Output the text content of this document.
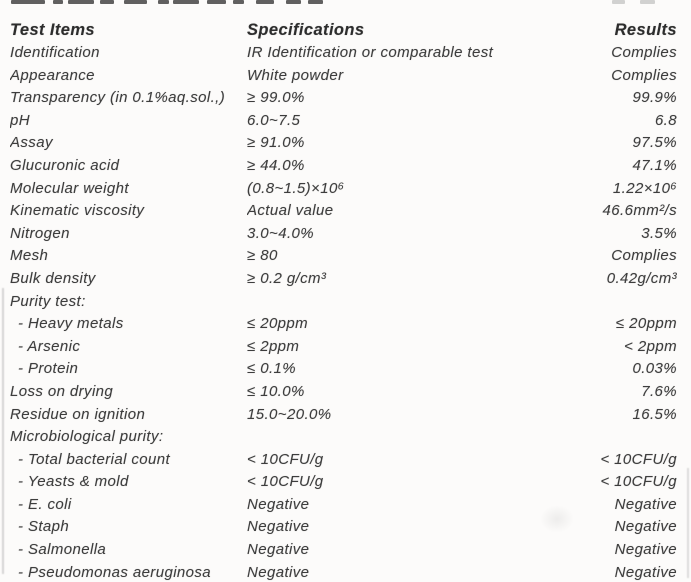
Test Items	Specifications	Results
Identification	IR Identification or comparable test	Complies
Appearance	White powder	Complies
Transparency (in 0.1%aq.sol.,)	≥ 99.0%	99.9%
pH	6.0~7.5	6.8
Assay	≥ 91.0%	97.5%
Glucuronic acid	≥ 44.0%	47.1%
Molecular weight	(0.8~1.5)×10⁶	1.22×10⁶
Kinematic viscosity	Actual value	46.6mm²/s
Nitrogen	3.0~4.0%	3.5%
Mesh	≥ 80	Complies
Bulk density	≥ 0.2 g/cm³	0.42g/cm³
Purity test:
- Heavy metals	≤ 20ppm	≤ 20ppm
- Arsenic	≤ 2ppm	< 2ppm
- Protein	≤ 0.1%	0.03%
Loss on drying	≤ 10.0%	7.6%
Residue on ignition	15.0~20.0%	16.5%
Microbiological purity:
- Total bacterial count	< 10CFU/g	< 10CFU/g
- Yeasts & mold	< 10CFU/g	< 10CFU/g
- E. coli	Negative	Negative
- Staph	Negative	Negative
- Salmonella	Negative	Negative
- Pseudomonas aeruginosa	Negative	Negative
